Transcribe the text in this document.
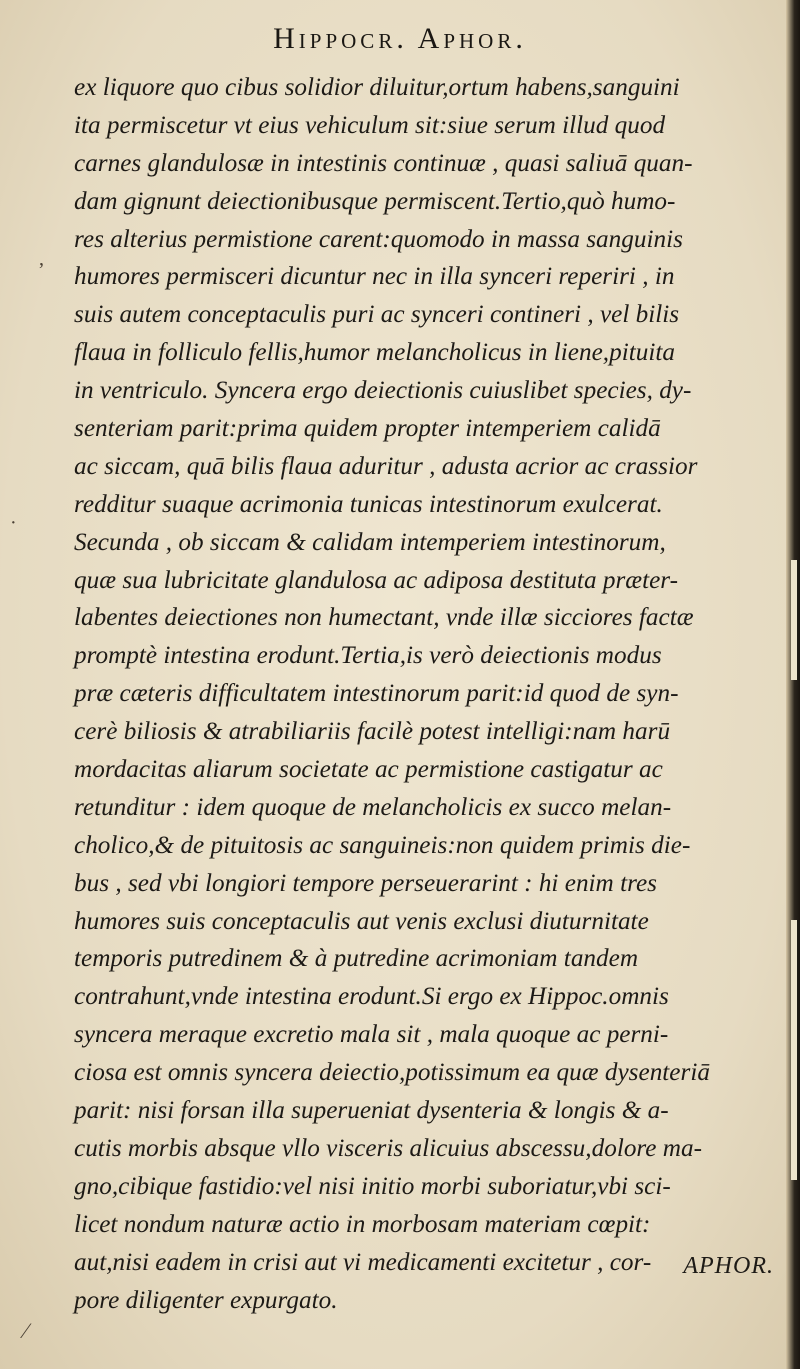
Hippocr. Aphor.
ex liquore quo cibus solidior diluitur,ortum habens,sanguini
ita permiscetur vt eius vehiculum sit:siue serum illud quod
carnes glandulosæ in intestinis continuæ , quasi saliuā quan-
dam gignunt deiectionibusque permiscent.Tertio,quò humo-
res alterius permistione carent:quomodo in massa sanguinis
humores permisceri dicuntur nec in illa synceri reperiri , in
suis autem conceptaculis puri ac synceri contineri , vel bilis
flaua in folliculo fellis,humor melancholicus in liene,pituita
in ventriculo. Syncera ergo deiectionis cuiuslibet species, dy-
senteriam parit:prima quidem propter intemperiem calidā
ac siccam, quā bilis flaua aduritur , adusta acrior ac crassior
redditur suaque acrimonia tunicas intestinorum exulcerat.
Secunda , ob siccam & calidam intemperiem intestinorum,
quæ sua lubricitate glandulosa ac adiposa destituta præter-
labentes deiectiones non humectant, vnde illæ sicciores factæ
promptè intestina erodunt.Tertia,is verò deiectionis modus
præ cæteris difficultatem intestinorum parit:id quod de syn-
cerè biliosis & atrabiliariis facilè potest intelligi:nam harū
mordacitas aliarum societate ac permistione castigatur ac
retunditur : idem quoque de melancholicis ex succo melan-
cholico,& de pituitosis ac sanguineis:non quidem primis die-
bus , sed vbi longiori tempore perseuerarint : hi enim tres
humores suis conceptaculis aut venis exclusi diuturnitate
temporis putredinem & à putredine acrimoniam tandem
contrahunt,vnde intestina erodunt.Si ergo ex Hippoc.omnis
syncera meraque excretio mala sit , mala quoque ac perni-
ciosa est omnis syncera deiectio,potissimum ea quæ dysenteriā
parit: nisi forsan illa superueniat dysenteria & longis & a-
cutis morbis absque vllo visceris alicuius abscessu,dolore ma-
gno,cibique fastidio:vel nisi initio morbi suboriatur,vbi sci-
licet nondum naturæ actio in morbosam materiam cœpit:
aut,nisi eadem in crisi aut vi medicamenti excitetur , cor-
pore diligenter expurgato.
APHOR.
‚
·
⁄
